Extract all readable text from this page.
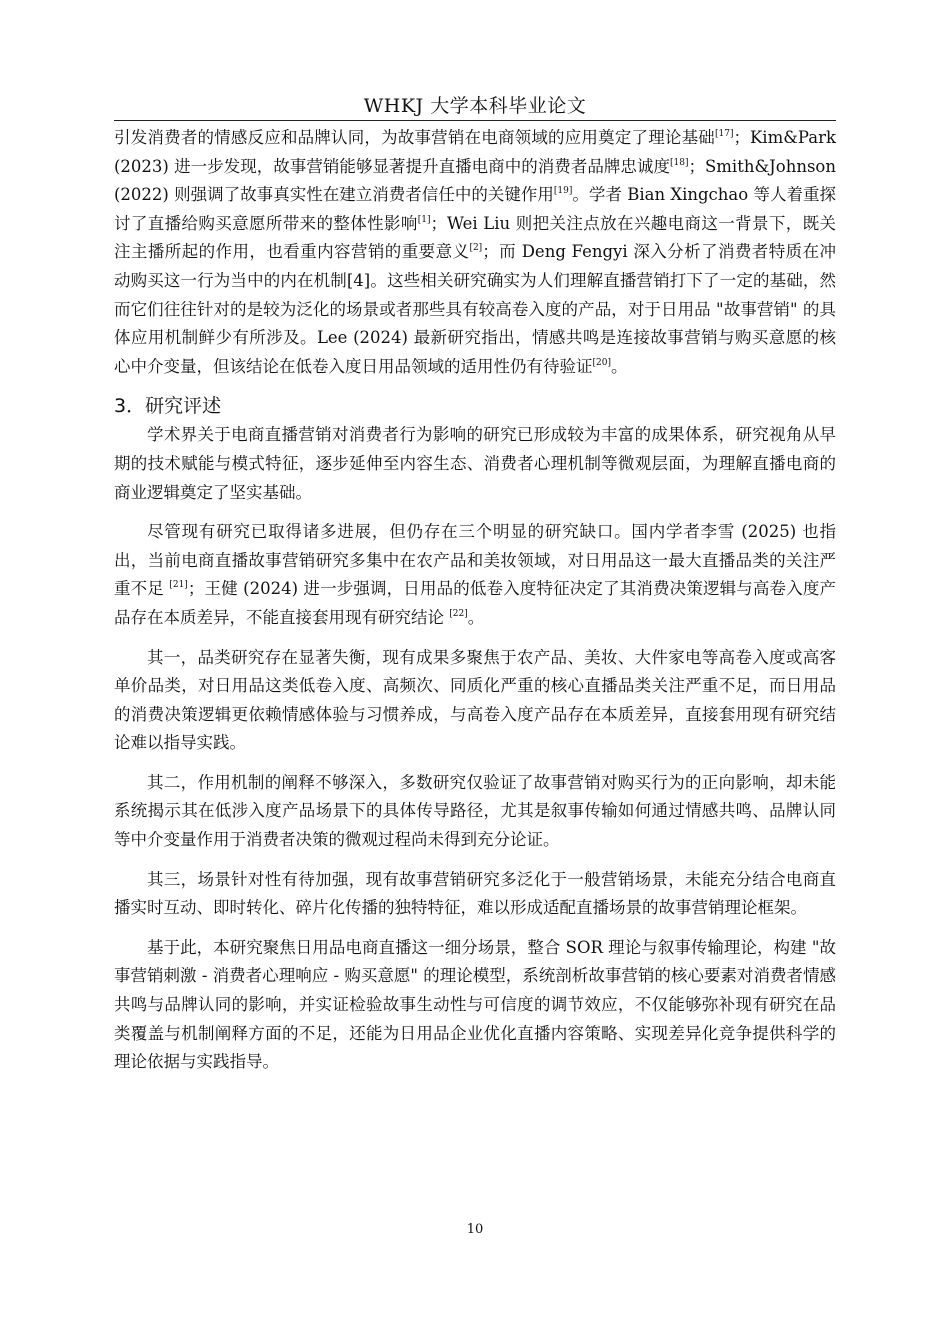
WHKJ 大学本科毕业论文

引发消费者的情感反应和品牌认同，为故事营销在电商领域的应用奠定了理论基础[17]；Kim&Park (2023) 进一步发现，故事营销能够显著提升直播电商中的消费者品牌忠诚度[18]；Smith&Johnson (2022) 则强调了故事真实性在建立消费者信任中的关键作用[19]。学者 Bian Xingchao 等人着重探讨了直播给购买意愿所带来的整体性影响[1]；Wei Liu 则把关注点放在兴趣电商这一背景下，既关注主播所起的作用，也看重内容营销的重要意义[2]；而 Deng Fengyi 深入分析了消费者特质在冲动购买这一行为当中的内在机制[4]。这些相关研究确实为人们理解直播营销打下了一定的基础，然而它们往往针对的是较为泛化的场景或者那些具有较高卷入度的产品，对于日用品 "故事营销" 的具体应用机制鲜少有所涉及。Lee (2024) 最新研究指出，情感共鸣是连接故事营销与购买意愿的核心中介变量，但该结论在低卷入度日用品领域的适用性仍有待验证[20]。

3．研究评述

学术界关于电商直播营销对消费者行为影响的研究已形成较为丰富的成果体系，研究视角从早期的技术赋能与模式特征，逐步延伸至内容生态、消费者心理机制等微观层面，为理解直播电商的商业逻辑奠定了坚实基础。

尽管现有研究已取得诸多进展，但仍存在三个明显的研究缺口。国内学者李雪 (2025) 也指出，当前电商直播故事营销研究多集中在农产品和美妆领域，对日用品这一最大直播品类的关注严重不足 [21]；王健 (2024) 进一步强调，日用品的低卷入度特征决定了其消费决策逻辑与高卷入度产品存在本质差异，不能直接套用现有研究结论 [22]。

其一，品类研究存在显著失衡，现有成果多聚焦于农产品、美妆、大件家电等高卷入度或高客单价品类，对日用品这类低卷入度、高频次、同质化严重的核心直播品类关注严重不足，而日用品的消费决策逻辑更依赖情感体验与习惯养成，与高卷入度产品存在本质差异，直接套用现有研究结论难以指导实践。

其二，作用机制的阐释不够深入，多数研究仅验证了故事营销对购买行为的正向影响，却未能系统揭示其在低涉入度产品场景下的具体传导路径，尤其是叙事传输如何通过情感共鸣、品牌认同等中介变量作用于消费者决策的微观过程尚未得到充分论证。

其三，场景针对性有待加强，现有故事营销研究多泛化于一般营销场景，未能充分结合电商直播实时互动、即时转化、碎片化传播的独特特征，难以形成适配直播场景的故事营销理论框架。

基于此，本研究聚焦日用品电商直播这一细分场景，整合 SOR 理论与叙事传输理论，构建 "故事营销刺激 - 消费者心理响应 - 购买意愿" 的理论模型，系统剖析故事营销的核心要素对消费者情感共鸣与品牌认同的影响，并实证检验故事生动性与可信度的调节效应，不仅能够弥补现有研究在品类覆盖与机制阐释方面的不足，还能为日用品企业优化直播内容策略、实现差异化竞争提供科学的理论依据与实践指导。

10
